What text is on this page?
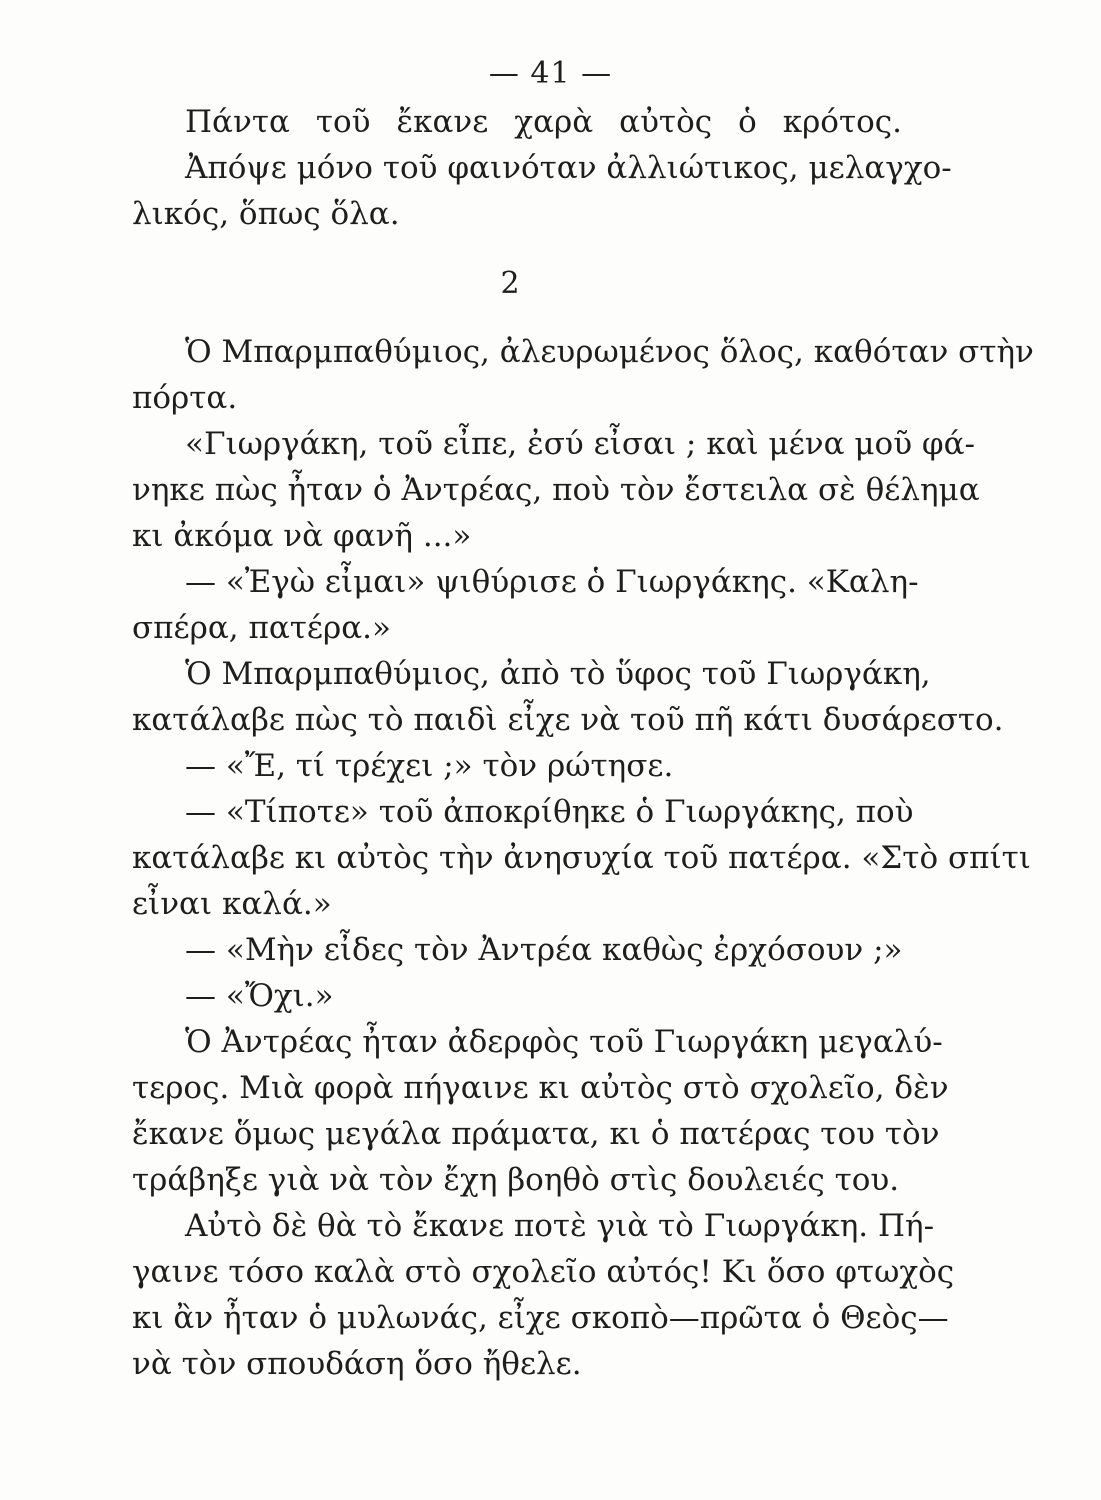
— 41 —
Πάντα τοῦ ἔκανε χαρὰ αὐτὸς ὁ κρότος.
Ἀπόψε μόνο τοῦ φαινόταν ἀλλιώτικος, μελαγχο-
λικός, ὅπως ὅλα.
2
Ὁ Μπαρμπαθύμιος, ἀλευρωμένος ὅλος, καθόταν στὴν
πόρτα.
«Γιωργάκη, τοῦ εἶπε, ἐσύ εἶσαι ; καὶ μένα μοῦ φά-
νηκε πὼς ἦταν ὁ Ἀντρέας, ποὺ τὸν ἔστειλα σὲ θέλημα
κι ἀκόμα νὰ φανῆ ...»
— «Ἐγὼ εἶμαι» ψιθύρισε ὁ Γιωργάκης. «Καλη-
σπέρα, πατέρα.»
Ὁ Μπαρμπαθύμιος, ἀπὸ τὸ ὕφος τοῦ Γιωργάκη,
κατάλαβε πὼς τὸ παιδὶ εἶχε νὰ τοῦ πῆ κάτι δυσάρεστο.
— «Ἔ, τί τρέχει ;» τὸν ρώτησε.
— «Τίποτε» τοῦ ἀποκρίθηκε ὁ Γιωργάκης, ποὺ
κατάλαβε κι αὐτὸς τὴν ἀνησυχία τοῦ πατέρα. «Στὸ σπίτι
εἶναι καλά.»
— «Μὴν εἶδες τὸν Ἀντρέα καθὼς ἐρχόσουν ;»
— «Ὄχι.»
Ὁ Ἀντρέας ἦταν ἀδερφὸς τοῦ Γιωργάκη μεγαλύ-
τερος. Μιὰ φορὰ πήγαινε κι αὐτὸς στὸ σχολεῖο, δὲν
ἔκανε ὅμως μεγάλα πράματα, κι ὁ πατέρας του τὸν
τράβηξε γιὰ νὰ τὸν ἔχη βοηθὸ στὶς δουλειές του.
Αὐτὸ δὲ θὰ τὸ ἔκανε ποτὲ γιὰ τὸ Γιωργάκη. Πή-
γαινε τόσο καλὰ στὸ σχολεῖο αὐτός! Κι ὅσο φτωχὸς
κι ἂν ἦταν ὁ μυλωνάς, εἶχε σκοπὸ—πρῶτα ὁ Θεὸς—
νὰ τὸν σπουδάση ὅσο ἤθελε.
